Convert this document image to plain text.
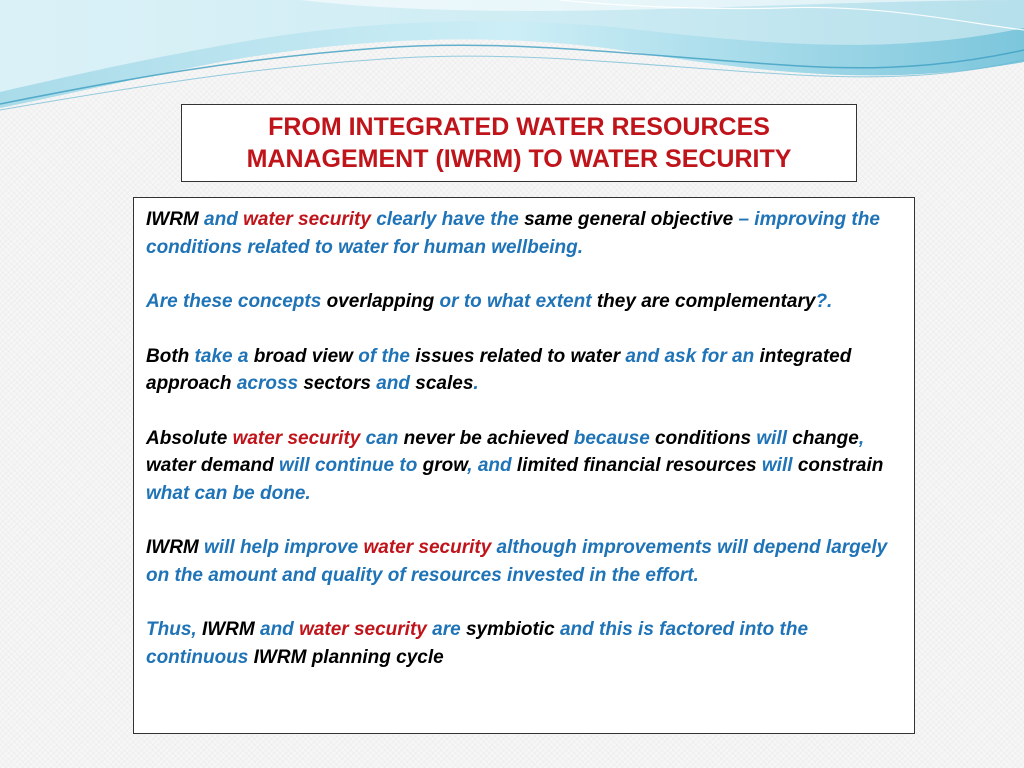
FROM INTEGRATED WATER RESOURCES
MANAGEMENT (IWRM) TO WATER SECURITY

IWRM and water security clearly have the same general objective – improving the conditions related to water for human wellbeing.

Are these concepts overlapping or to what extent they are complementary?.

Both take a broad view of the issues related to water and ask for an integrated approach across sectors and scales.

Absolute water security can never be achieved because conditions will change, water demand will continue to grow, and limited financial resources will constrain what can be done.

IWRM will help improve water security although improvements will depend largely on the amount and quality of resources invested in the effort.

Thus, IWRM and water security are symbiotic and this is factored into the continuous IWRM planning cycle
